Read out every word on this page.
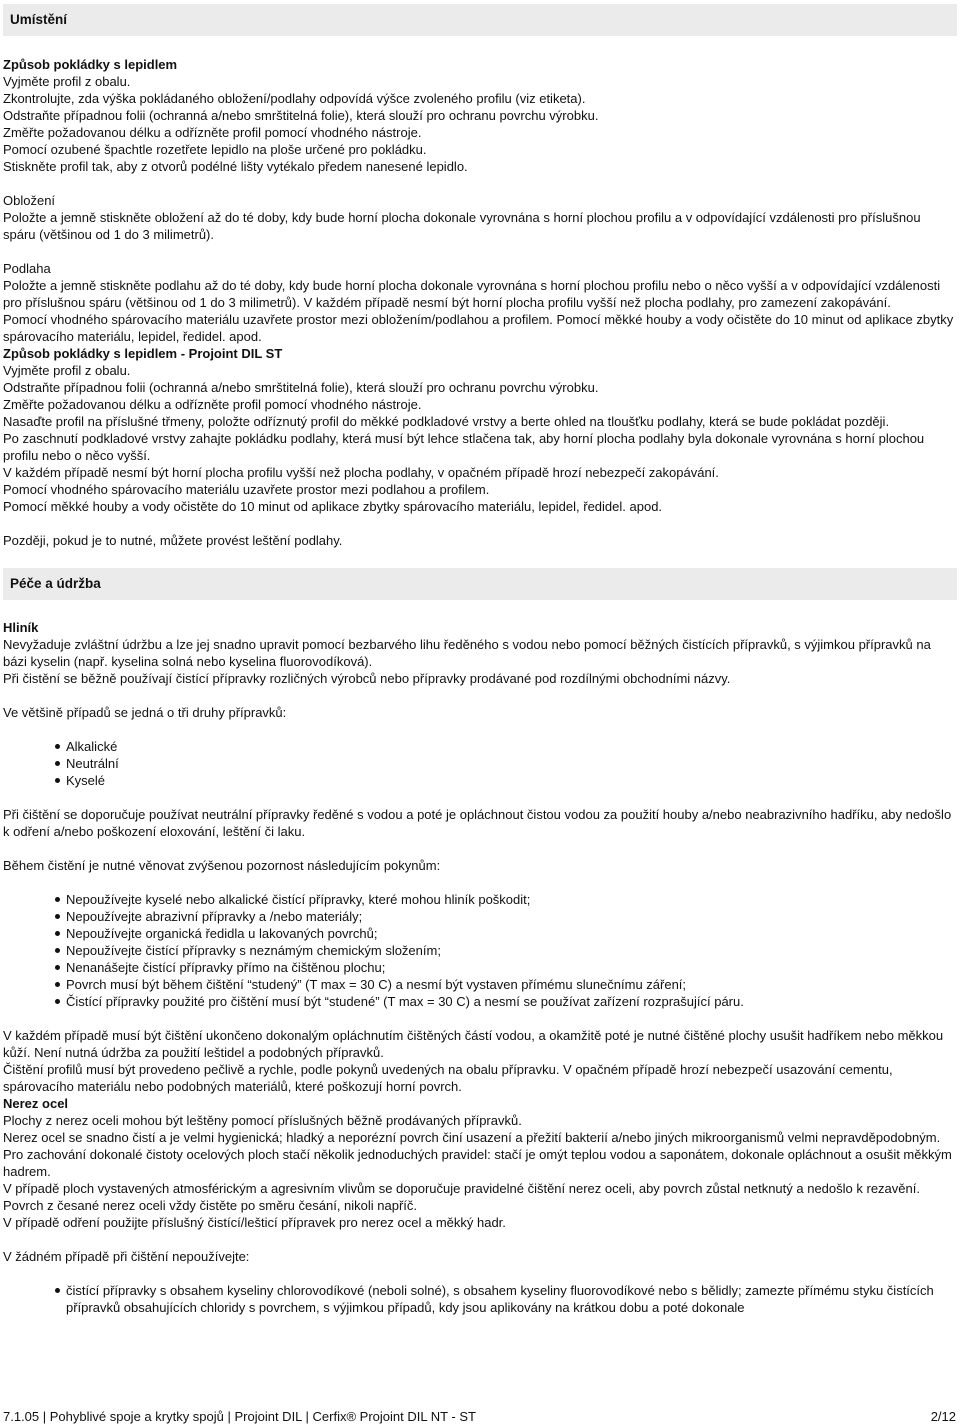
Umístění

Způsob pokládky s lepidlem

Vyjměte profil z obalu.

Zkontrolujte, zda výška pokládaného obložení/podlahy odpovídá výšce zvoleného profilu (viz etiketa).

Odstraňte případnou folii (ochranná a/nebo smrštitelná folie), která slouží pro ochranu povrchu výrobku.

Změřte požadovanou délku a odřízněte profil pomocí vhodného nástroje.

Pomocí ozubené špachtle rozetřete lepidlo na ploše určené pro pokládku.

Stiskněte profil tak, aby z otvorů podélné lišty vytékalo předem nanesené lepidlo.

Obložení

Položte a jemně stiskněte obložení až do té doby, kdy bude horní plocha dokonale vyrovnána s horní plochou profilu a v odpovídající vzdálenosti pro příslušnou spáru (většinou od 1 do 3 milimetrů).

Podlaha

Položte a jemně stiskněte podlahu až do té doby, kdy bude horní plocha dokonale vyrovnána s horní plochou profilu nebo o něco vyšší a v odpovídající vzdálenosti pro příslušnou spáru (většinou od 1 do 3 milimetrů). V každém případě nesmí být horní plocha profilu vyšší než plocha podlahy, pro zamezení zakopávání.

Pomocí vhodného spárovacího materiálu uzavřete prostor mezi obložením/podlahou a profilem. Pomocí měkké houby a vody očistěte do 10 minut od aplikace zbytky spárovacího materiálu, lepidel, ředidel. apod.

Způsob pokládky s lepidlem - Projoint DIL ST

Vyjměte profil z obalu.

Odstraňte případnou folii (ochranná a/nebo smrštitelná folie), která slouží pro ochranu povrchu výrobku.

Změřte požadovanou délku a odřízněte profil pomocí vhodného nástroje.

Nasaďte profil na příslušné třmeny, položte odříznutý profil do měkké podkladové vrstvy a berte ohled na tloušťku podlahy, která se bude pokládat později.

Po zaschnutí podkladové vrstvy zahajte pokládku podlahy, která musí být lehce stlačena tak, aby horní plocha podlahy byla dokonale vyrovnána s horní plochou profilu nebo o něco vyšší.

V každém případě nesmí být horní plocha profilu vyšší než plocha podlahy, v opačném případě hrozí nebezpečí zakopávání.

Pomocí vhodného spárovacího materiálu uzavřete prostor mezi podlahou a profilem.

Pomocí měkké houby a vody očistěte do 10 minut od aplikace zbytky spárovacího materiálu, lepidel, ředidel. apod.

Později, pokud je to nutné, můžete provést leštění podlahy.

Péče a údržba

Hliník

Nevyžaduje zvláštní údržbu a lze jej snadno upravit pomocí bezbarvého lihu ředěného s vodou nebo pomocí běžných čistících přípravků, s výjimkou přípravků na bázi kyselin (např. kyselina solná nebo kyselina fluorovodíková).

Při čistění se běžně používají čistící přípravky rozličných výrobců nebo přípravky prodávané pod rozdílnými obchodními názvy.

Ve většině případů se jedná o tři druhy přípravků:

Alkalické
Neutrální
Kyselé

Při čištění se doporučuje používat neutrální přípravky ředěné s vodou a poté je opláchnout čistou vodou za použití houby a/nebo neabrazivního hadříku, aby nedošlo k odření a/nebo poškození eloxování, leštění či laku.

Během čistění je nutné věnovat zvýšenou pozornost následujícím pokynům:

Nepoužívejte kyselé nebo alkalické čistící přípravky, které mohou hliník poškodit;
Nepoužívejte abrazivní přípravky a /nebo materiály;
Nepoužívejte organická ředidla u lakovaných povrchů;
Nepoužívejte čistící přípravky s neznámým chemickým složením;
Nenanášejte čistící přípravky přímo na čištěnou plochu;
Povrch musí být během čištění “studený” (T max = 30 C) a nesmí být vystaven přímému slunečnímu záření;
Čistící přípravky použité pro čištění musí být “studené” (T max = 30 C) a nesmí se používat zařízení rozprašující páru.

V každém případě musí být čištění ukončeno dokonalým opláchnutím čištěných částí vodou, a okamžitě poté je nutné čištěné plochy usušit hadříkem nebo měkkou kůží. Není nutná údržba za použití leštidel a podobných přípravků.

Čištění profilů musí být provedeno pečlivě a rychle, podle pokynů uvedených na obalu přípravku. V opačném případě hrozí nebezpečí usazování cementu, spárovacího materiálu nebo podobných materiálů, které poškozují horní povrch.

Nerez ocel

Plochy z nerez oceli mohou být leštěny pomocí příslušných běžně prodávaných přípravků.

Nerez ocel se snadno čistí a je velmi hygienická; hladký a neporézní povrch činí usazení a přežití bakterií a/nebo jiných mikroorganismů velmi nepravděpodobným.

Pro zachování dokonalé čistoty ocelových ploch stačí několik jednoduchých pravidel: stačí je omýt teplou vodou a saponátem, dokonale opláchnout a osušit měkkým hadrem.

V případě ploch vystavených atmosférickým a agresivním vlivům se doporučuje pravidelné čištění nerez oceli, aby povrch zůstal netknutý a nedošlo k rezavění.

Povrch z česané nerez oceli vždy čistěte po směru česání, nikoli napříč.

V případě odření použijte příslušný čistící/lešticí přípravek pro nerez ocel a měkký hadr.

V žádném případě při čištění nepoužívejte:

čistící přípravky s obsahem kyseliny chlorovodíkové (neboli solné), s obsahem kyseliny fluorovodíkové nebo s bělidly; zamezte přímému styku čistících přípravků obsahujících chloridy s povrchem, s výjimkou případů, kdy jsou aplikovány na krátkou dobu a poté dokonale
7.1.05 | Pohyblivé spoje a krytky spojů | Projoint DIL | Cerfix® Projoint DIL NT - ST	2/12
